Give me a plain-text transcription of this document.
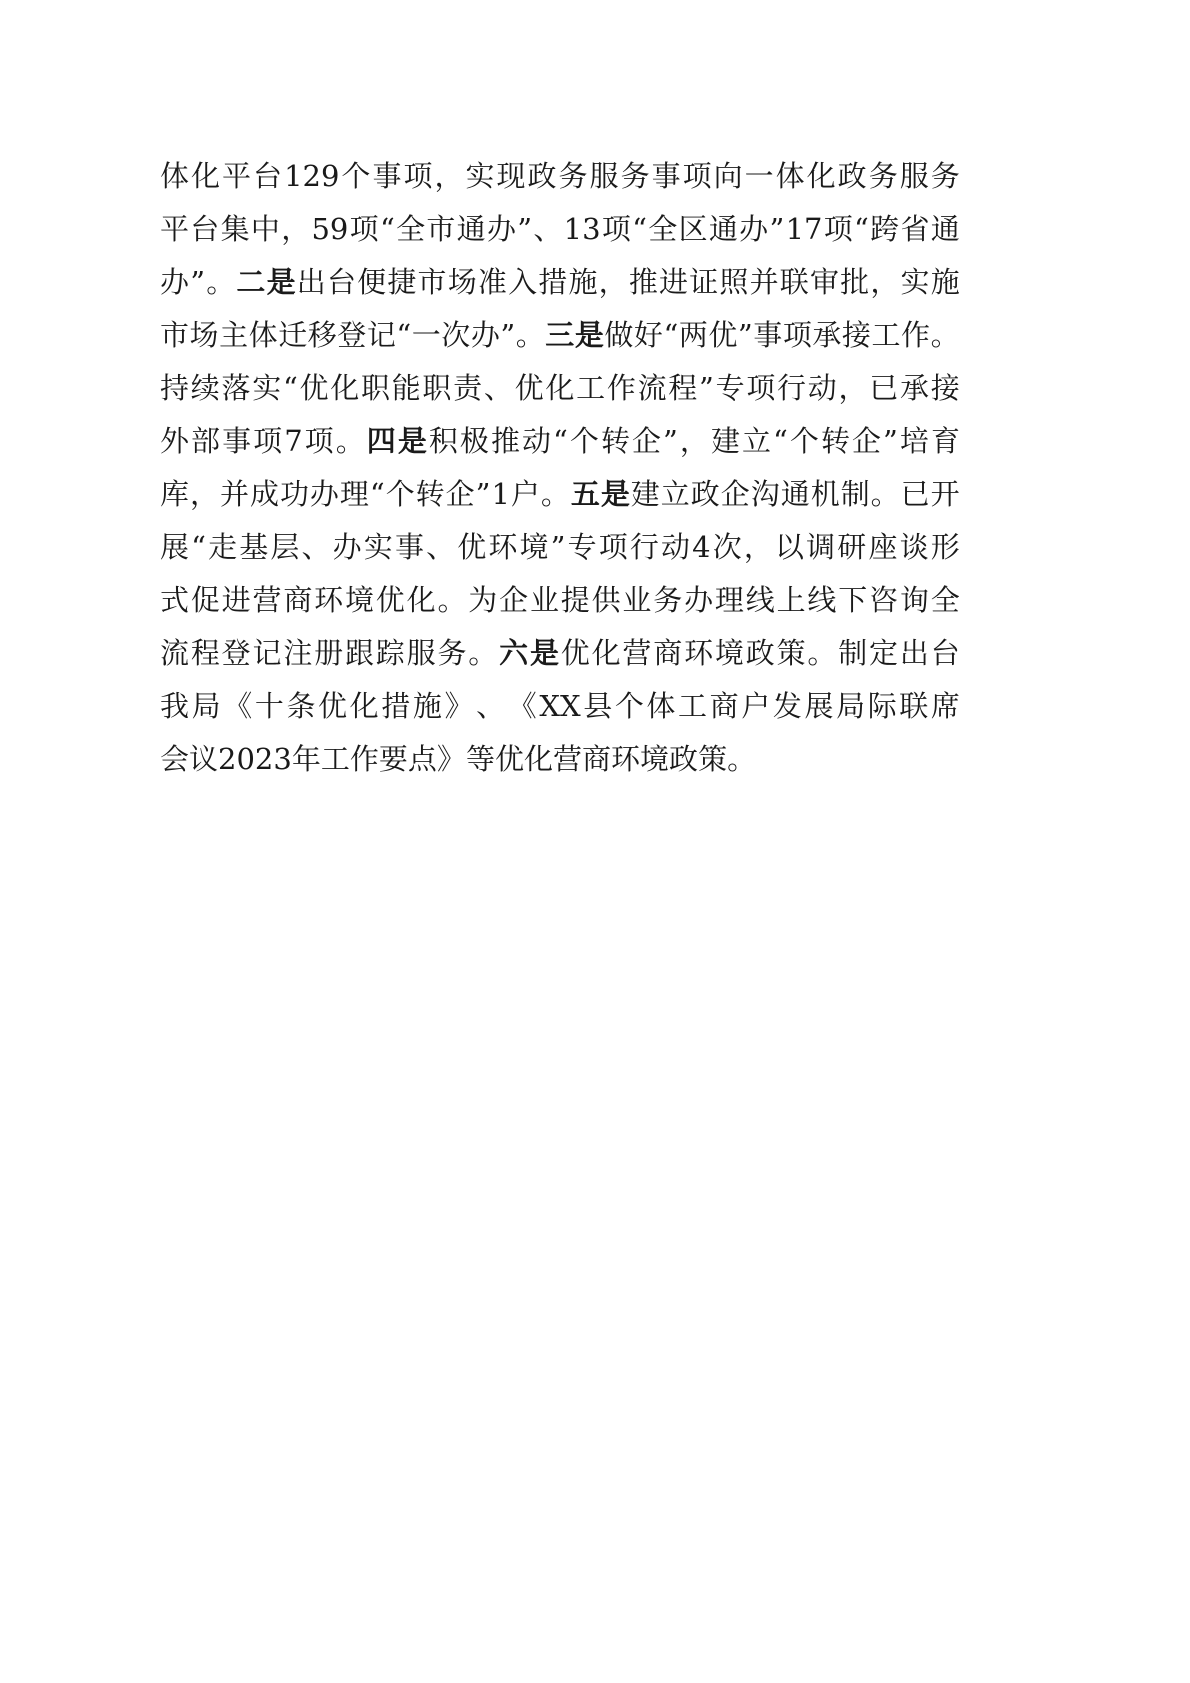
体 化 平 台 129 个 事 项 ， 实 现 政 务 服 务 事 项 向 一 体 化 政 务 服 务
平 台 集 中 ， 59 项 “ 全 市 通 办 ” 、 13 项 “ 全 区 通 办 ” 17 项 “ 跨 省 通
办 ” 。 二 是 出 台 便 捷 市 场 准 入 措 施 ， 推 进 证 照 并 联 审 批 ， 实 施
市 场 主 体 迁 移 登 记 “ 一 次 办 ” 。 三 是 做 好 “ 两 优 ” 事 项 承 接 工 作 。
持 续 落 实 “ 优 化 职 能 职 责 、 优 化 工 作 流 程 ” 专 项 行 动 ， 已 承 接
外 部 事 项 7 项 。 四 是 积 极 推 动 “ 个 转 企 ” ， 建 立 “ 个 转 企 ” 培 育
库 ， 并 成 功 办 理 “ 个 转 企 ” 1 户 。 五 是 建 立 政 企 沟 通 机 制 。 已 开
展 “ 走 基 层 、 办 实 事 、 优 环 境 ” 专 项 行 动 4 次 ， 以 调 研 座 谈 形
式 促 进 营 商 环 境 优 化 。 为 企 业 提 供 业 务 办 理 线 上 线 下 咨 询 全
流 程 登 记 注 册 跟 踪 服 务 。 六 是 优 化 营 商 环 境 政 策 。 制 定 出 台
我 局 《 十 条 优 化 措 施 》 、 《 XX 县 个 体 工 商 户 发 展 局 际 联 席
会 议 2023 年 工 作 要 点 》 等 优 化 营 商 环 境 政 策 。
